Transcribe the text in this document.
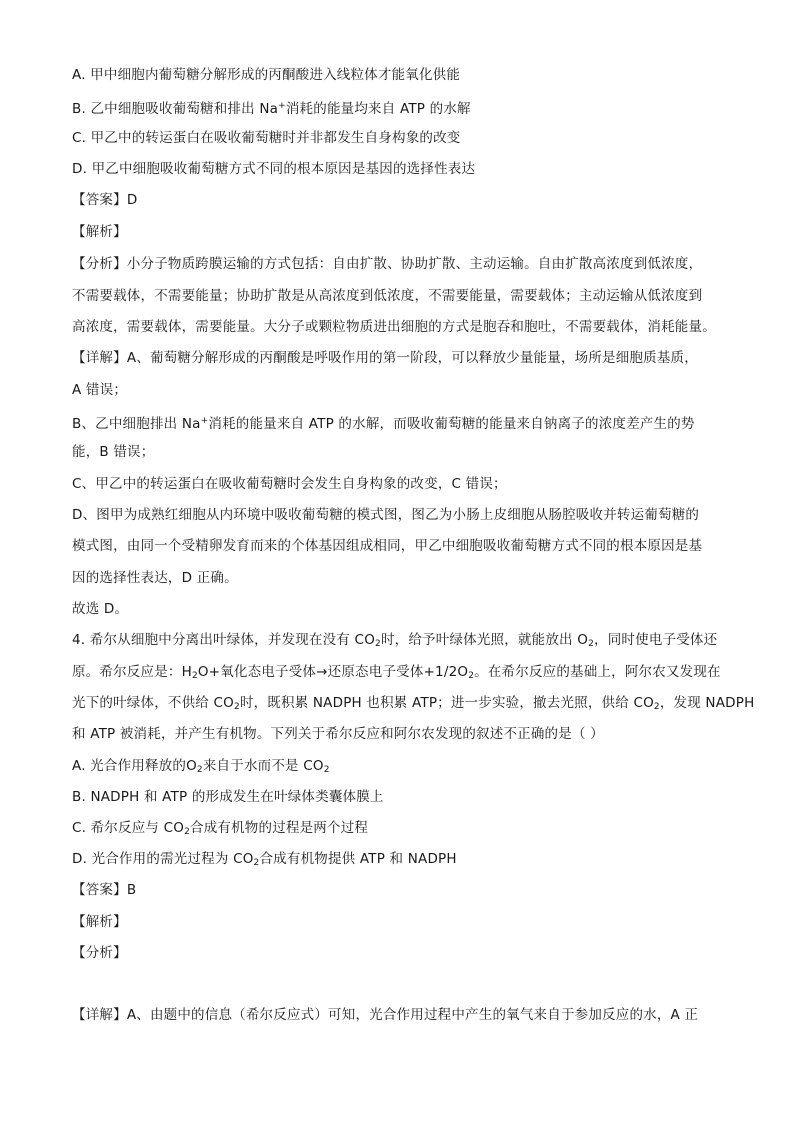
A. 甲中细胞内葡萄糖分解形成的丙酮酸进入线粒体才能氧化供能
B. 乙中细胞吸收葡萄糖和排出 Na+消耗的能量均来自 ATP 的水解
C. 甲乙中的转运蛋白在吸收葡萄糖时并非都发生自身构象的改变
D. 甲乙中细胞吸收葡萄糖方式不同的根本原因是基因的选择性表达
【答案】D
【解析】
【分析】小分子物质跨膜运输的方式包括：自由扩散、协助扩散、主动运输。自由扩散高浓度到低浓度，
不需要载体，不需要能量；协助扩散是从高浓度到低浓度，不需要能量，需要载体；主动运输从低浓度到
高浓度，需要载体，需要能量。大分子或颗粒物质进出细胞的方式是胞吞和胞吐，不需要载体，消耗能量。
【详解】A、葡萄糖分解形成的丙酮酸是呼吸作用的第一阶段，可以释放少量能量，场所是细胞质基质，
A 错误；
B、乙中细胞排出 Na+消耗的能量来自 ATP 的水解，而吸收葡萄糖的能量来自钠离子的浓度差产生的势
能，B 错误；
C、甲乙中的转运蛋白在吸收葡萄糖时会发生自身构象的改变，C 错误；
D、图甲为成熟红细胞从内环境中吸收葡萄糖的模式图，图乙为小肠上皮细胞从肠腔吸收并转运葡萄糖的
模式图，由同一个受精卵发育而来的个体基因组成相同，甲乙中细胞吸收葡萄糖方式不同的根本原因是基
因的选择性表达，D 正确。
故选 D。
4. 希尔从细胞中分离出叶绿体，并发现在没有 $CO_2$时，给予叶绿体光照，就能放出 $O_2$，同时使电子受体还
原。希尔反应是：$H_2O+$氧化态电子受体→还原态电子受体$+1/2O_2$。在希尔反应的基础上，阿尔农又发现在
光下的叶绿体，不供给 $CO_2$时，既积累 NADPH 也积累 ATP；进一步实验，撤去光照，供给 $CO_2$，发现 NADPH
和 ATP 被消耗，并产生有机物。下列关于希尔反应和阿尔农发现的叙述不正确的是（ ）
A. 光合作用释放的$O_2$来自于水而不是 $CO_2$
B. NADPH 和 ATP 的形成发生在叶绿体类囊体膜上
C. 希尔反应与 $CO_2$合成有机物的过程是两个过程
D. 光合作用的需光过程为 $CO_2$合成有机物提供 ATP 和 NADPH
【答案】B
【解析】
【分析】
【详解】A、由题中的信息（希尔反应式）可知，光合作用过程中产生的氧气来自于参加反应的水，A 正
